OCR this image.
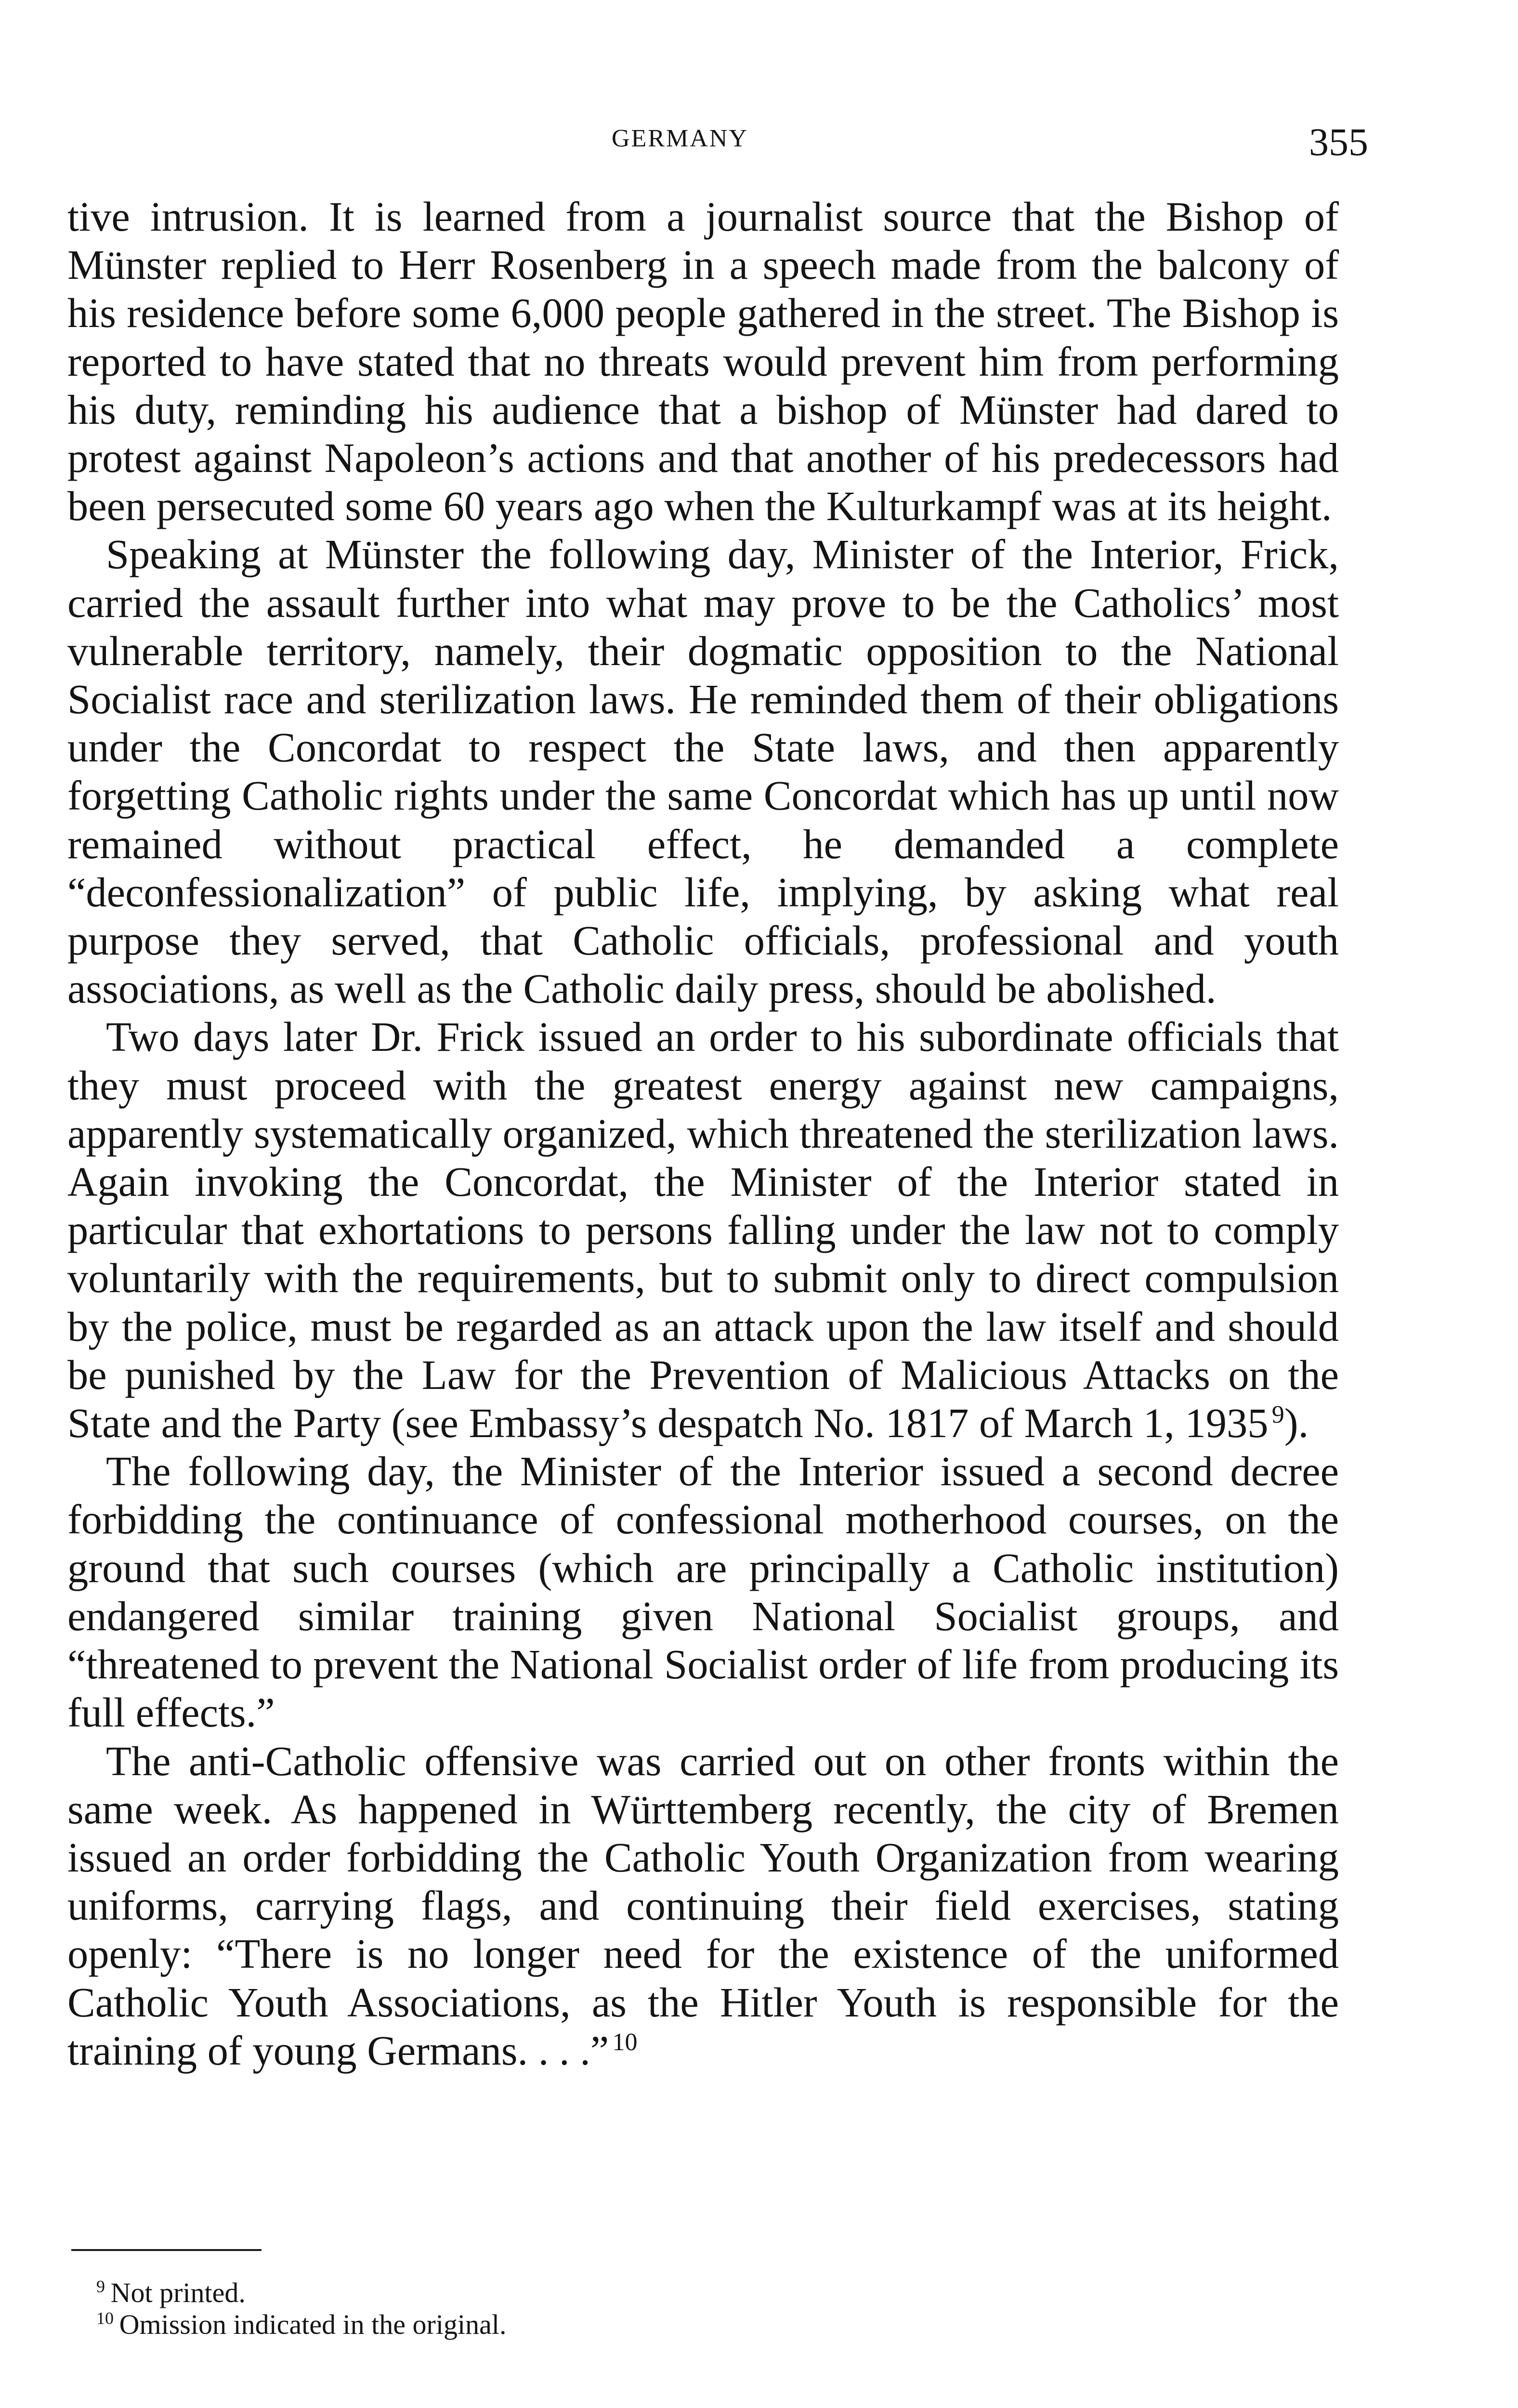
GERMANY	355

tive intrusion. It is learned from a journalist source that the Bishop of Münster replied to Herr Rosenberg in a speech made from the balcony of his residence before some 6,000 people gathered in the street. The Bishop is reported to have stated that no threats would prevent him from performing his duty, reminding his audience that a bishop of Münster had dared to protest against Napoleon’s actions and that another of his predecessors had been persecuted some 60 years ago when the Kulturkampf was at its height.

Speaking at Münster the following day, Minister of the Interior, Frick, carried the assault further into what may prove to be the Catholics’ most vulnerable territory, namely, their dogmatic opposition to the National Socialist race and sterilization laws. He reminded them of their obligations under the Concordat to respect the State laws, and then apparently forgetting Catholic rights under the same Concordat which has up until now remained without practical effect, he demanded a complete “deconfessionalization” of public life, implying, by asking what real purpose they served, that Catholic officials, professional and youth associations, as well as the Catholic daily press, should be abolished.

Two days later Dr. Frick issued an order to his subordinate officials that they must proceed with the greatest energy against new campaigns, apparently systematically organized, which threatened the sterilization laws. Again invoking the Concordat, the Minister of the Interior stated in particular that exhortations to persons falling under the law not to comply voluntarily with the requirements, but to submit only to direct compulsion by the police, must be regarded as an attack upon the law itself and should be punished by the Law for the Prevention of Malicious Attacks on the State and the Party (see Embassy’s despatch No. 1817 of March 1, 1935  $^9$).

The following day, the Minister of the Interior issued a second decree forbidding the continuance of confessional motherhood courses, on the ground that such courses (which are principally a Catholic institution) endangered similar training given National Socialist groups, and “threatened to prevent the National Socialist order of life from producing its full effects.”

The anti-Catholic offensive was carried out on other fronts within the same week. As happened in Württemberg recently, the city of Bremen issued an order forbidding the Catholic Youth Organization from wearing uniforms, carrying flags, and continuing their field exercises, stating openly: “There is no longer need for the existence of the uniformed Catholic Youth Associations, as the Hitler Youth is responsible for the training of young Germans. . . .”  $^{10}$

$^9$  Not printed.

$^{10}$  Omission indicated in the original.
